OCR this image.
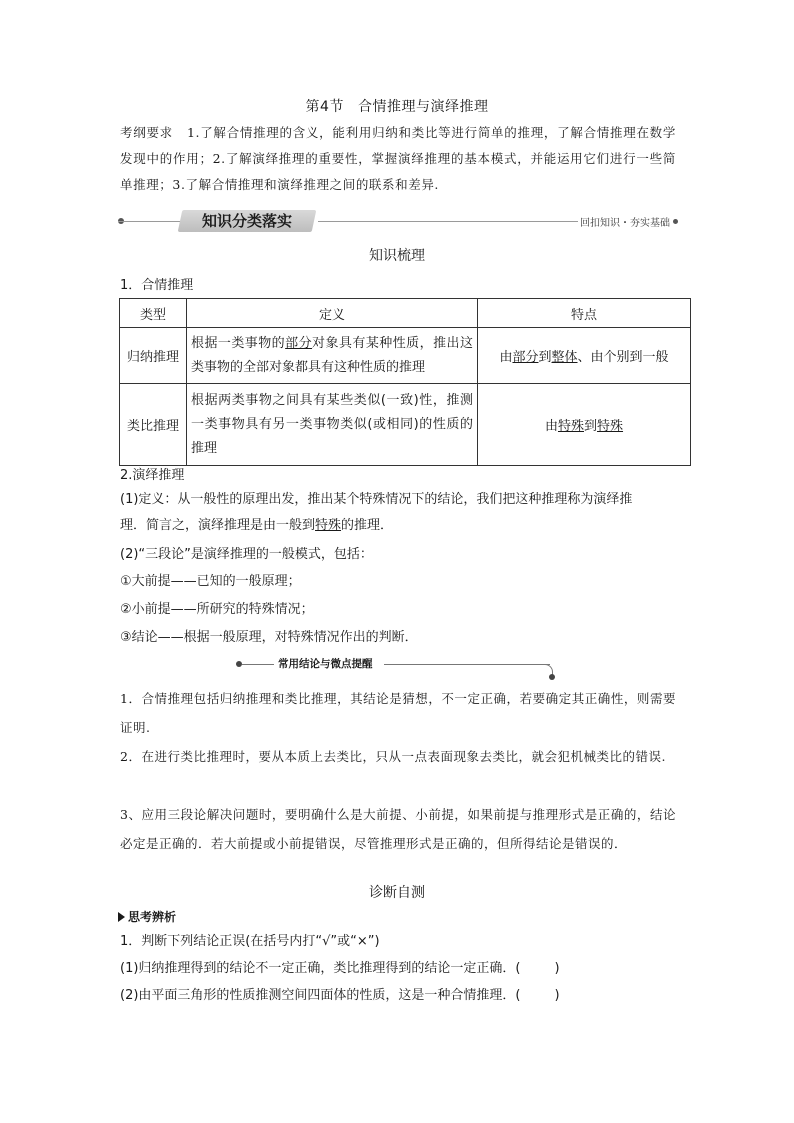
第4节 合情推理与演绎推理
考纲要求 1.了解合情推理的含义，能利用归纳和类比等进行简单的推理，了解合情推理在数学发现中的作用；2.了解演绎推理的重要性，掌握演绎推理的基本模式，并能运用它们进行一些简单推理；3.了解合情推理和演绎推理之间的联系和差异.
知识分类落实	回扣知识・夯实基础
知识梳理
1．合情推理
类型	定义	特点
归纳推理	根据一类事物的部分对象具有某种性质，推出这类事物的全部对象都具有这种性质的推理	由部分到整体、由个别到一般
类比推理	根据两类事物之间具有某些类似(一致)性，推测一类事物具有另一类事物类似(或相同)的性质的推理	由特殊到特殊
2.演绎推理
(1)定义：从一般性的原理出发，推出某个特殊情况下的结论，我们把这种推理称为演绎推
理．简言之，演绎推理是由一般到特殊的推理．
(2)“三段论”是演绎推理的一般模式，包括：
①大前提——已知的一般原理；
②小前提——所研究的特殊情况；
③结论——根据一般原理，对特殊情况作出的判断．
常用结论与微点提醒
1．合情推理包括归纳推理和类比推理，其结论是猜想，不一定正确，若要确定其正确性，则需要证明.
2．在进行类比推理时，要从本质上去类比，只从一点表面现象去类比，就会犯机械类比的错误.
3、应用三段论解决问题时，要明确什么是大前提、小前提，如果前提与推理形式是正确的，结论必定是正确的．若大前提或小前提错误，尽管推理形式是正确的，但所得结论是错误的．
诊断自测
思考辨析
1．判断下列结论正误(在括号内打“√”或“×”)
(1)归纳推理得到的结论不一定正确，类比推理得到的结论一定正确．(	)
(2)由平面三角形的性质推测空间四面体的性质，这是一种合情推理．(	)
